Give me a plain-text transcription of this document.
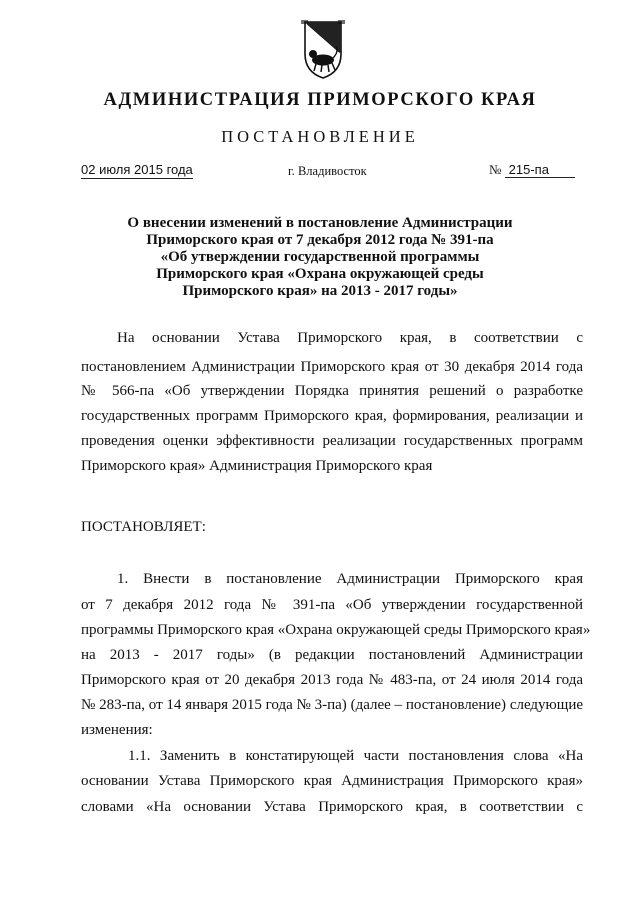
АДМИНИСТРАЦИЯ ПРИМОРСКОГО КРАЯ
ПОСТАНОВЛЕНИЕ
02 июля 2015 года	г. Владивосток	№ 215-па
О внесении изменений в постановление Администрации
Приморского края от 7 декабря 2012 года № 391-па
«Об утверждении государственной программы
Приморского края «Охрана окружающей среды
Приморского края» на 2013 - 2017 годы»
На основании Устава Приморского края, в соответствии с
постановлением Администрации Приморского края от 30 декабря 2014 года
№ 566-па «Об утверждении Порядка принятия решений о разработке
государственных программ Приморского края, формирования, реализации и
проведения оценки эффективности реализации государственных программ
Приморского края» Администрация Приморского края
ПОСТАНОВЛЯЕТ:
1. Внести в постановление Администрации Приморского края
от 7 декабря 2012 года № 391-па «Об утверждении государственной
программы Приморского края «Охрана окружающей среды Приморского края»
на 2013 - 2017 годы» (в редакции постановлений Администрации
Приморского края от 20 декабря 2013 года № 483-па, от 24 июля 2014 года
№ 283-па, от 14 января 2015 года № 3-па) (далее – постановление) следующие
изменения:
1.1. Заменить в констатирующей части постановления слова «На
основании Устава Приморского края Администрация Приморского края»
словами «На основании Устава Приморского края, в соответствии с
